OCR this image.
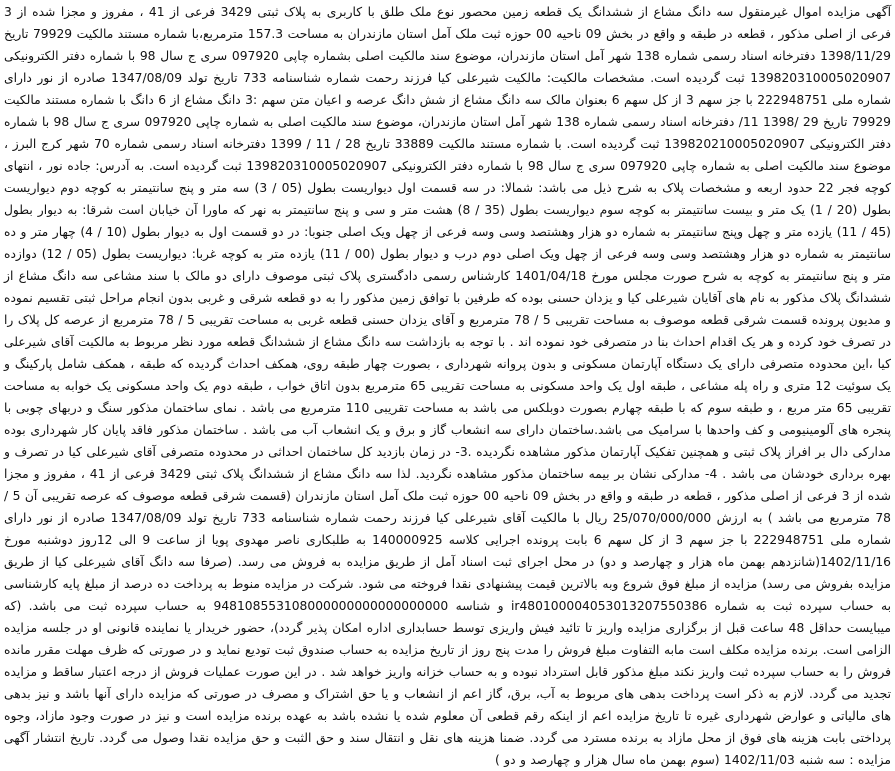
آگهی مزایده اموال غیرمنقول سه دانگ مشاع از ششدانگ یک قطعه زمین محصور نوع ملک طلق با کاربری به پلاک ثبتی 3429 فرعی از 41 ، مفروز و مجزا شده از 3 فرعی از اصلی مذکور ، قطعه در طبقه و واقع در بخش 09 ناحیه 00 حوزه ثبت ملک آمل استان مازندران به مساحت 157.3 مترمربع،با شماره مستند مالکیت 79929 تاریخ 1398/11/29 دفترخانه اسناد رسمی شماره 138 شهر آمل استان مازندران، موضوع سند مالکیت اصلی بشماره چاپی 097920 سری ج سال 98 با شماره دفتر الکترونیکی 139820310005020907 ثبت گردیده است. مشخصات مالکیت: مالکیت شیرعلی کیا فرزند رحمت شماره شناسنامه 733 تاریخ تولد 1347/08/09 صادره از نور دارای شماره ملی 222948751 با جز سهم 3 از کل سهم 6 بعنوان مالک سه دانگ مشاع از شش دانگ عرصه و اعیان متن سهم :3 دانگ مشاع از 6 دانگ با شماره مستند مالکیت 79929 تاریخ 29 /1398 11/ دفترخانه اسناد رسمی شماره 138 شهر آمل استان مازندران، موضوع سند مالکیت اصلی به شماره چاپی 097920 سری ج سال 98 با شماره دفتر الکترونیکی 139820210005020907 ثبت گردیده است. با شماره مستند مالکیت 33889 تاریخ 28 / 11 / 1399 دفترخانه اسناد رسمی شماره 70 شهر کرج البرز ، موضوع سند مالکیت اصلی به شماره چاپی 097920 سری ج سال 98 با شماره دفتر الکترونیکی 139820310005020907 ثبت گردیده است. به آدرس: جاده نور ، انتهای کوچه فجر 22 حدود اربعه و مشخصات پلاک به شرح ذیل می باشد: شمالا: در سه قسمت اول دیواریست بطول (05 / 3) سه متر و پنج سانتیمتر به کوچه دوم دیواریست بطول (20 / 1) یک متر و بیست سانتیمتر به کوچه سوم دیواریست بطول (35 / 8) هشت متر و سی و پنج سانتیمتر به نهر که ماورا آن خیابان است شرقا: به دیوار بطول (45 / 11) یازده متر و چهل وپنج سانتیمتر به شماره دو هزار وهشتصد وسی وسه فرعی از چهل ویک اصلی جنوبا: در دو قسمت اول به دیوار بطول (10 / 4) چهار متر و ده سانتیمتر به شماره دو هزار وهشتصد وسی وسه فرعی از چهل ویک اصلی دوم درب و دیوار بطول (00 / 11) یازده متر به کوچه غربا: دیواریست بطول (05 / 12) دوازده متر و پنج سانتیمتر به کوچه به شرح صورت مجلس مورخ 1401/04/18 کارشناس رسمی دادگستری پلاک ثبتی موصوف دارای دو مالک با سند مشاعی سه دانگ مشاع از ششدانگ پلاک مذکور به نام های آقایان شیرعلی کیا و یزدان حسنی بوده که طرفین با توافق زمین مذکور را به دو قطعه شرقی و غربی بدون انجام مراحل ثبتی تقسیم نموده و مدیون پرونده قسمت شرقی قطعه موصوف به مساحت تقریبی 5 / 78 مترمربع و آقای یزدان حسنی قطعه غربی به مساحت تقریبی 5 / 78 مترمربع از عرصه کل پلاک را در تصرف خود کرده و هر یک اقدام احداث بنا در متصرفی خود نموده اند . با توجه به بازداشت سه دانگ مشاع از ششدانگ قطعه مورد نظر مربوط به مالکیت آقای شیرعلی کیا ،این محدوده متصرفی دارای یک دستگاه آپارتمان مسکونی و بدون پروانه شهرداری ، بصورت چهار طبقه روی، همکف احداث گردیده که طبقه ، همکف شامل پارکینگ و یک سوئیت 12 متری و راه پله مشاعی ، طبقه اول یک واحد مسکونی به مساحت تقریبی 65 مترمربع بدون اتاق خواب ، طبقه دوم یک واحد مسکونی یک خوابه به مساحت تقریبی 65 متر مربع ، و طبقه سوم که با طبقه چهارم بصورت دوبلکس می باشد به مساحت تقریبی 110 مترمربع می باشد . نمای ساختمان مذکور سنگ و دربهای چوبی با پنجره های آلومینیومی و کف واحدها با سرامیک می باشد.ساختمان دارای سه انشعاب گاز و برق و یک انشعاب آب می باشد . ساختمان مذکور فاقد پایان کار شهرداری بوده مدارکی دال بر افراز پلاک ثبتی و همچنین تفکیک آپارتمان مذکور مشاهده نگردیده .3- در زمان بازدید کل ساختمان احداثی در محدوده متصرفی آقای شیرعلی کیا در تصرف و بهره برداری خودشان می باشد . 4- مدارکی نشان بر بیمه ساختمان مذکور مشاهده نگردید. لذا سه دانگ مشاع از ششدانگ پلاک ثبتی 3429 فرعی از 41 ، مفروز و مجزا شده از 3 فرعی از اصلی مذکور ، قطعه در طبقه و واقع در بخش 09 ناحیه 00 حوزه ثبت ملک آمل استان مازندران (قسمت شرقی قطعه موصوف که عرصه تقریبی آن 5 / 78 مترمربع می باشد ) به ارزش 25/070/000/000 ریال با مالکیت آقای شیرعلی کیا فرزند رحمت شماره شناسنامه 733 تاریخ تولد 1347/08/09 صادره از نور دارای شماره ملی 222948751 با جز سهم 3 از کل سهم 6 بابت پرونده اجرایی کلاسه 140000925 به طلبکاری ناصر مهدوی پویا از ساعت 9 الی 12روز دوشنبه مورخ 1402/11/16(شانزدهم بهمن ماه هزار و چهارصد و دو) در محل اجرای ثبت اسناد آمل از طریق مزایده به فروش می رسد. (صرفا سه دانگ آقای شیرعلی کیا از طریق مزایده بفروش می رسد) مزایده از مبلغ فوق شروع وبه بالاترین قیمت پیشنهادی نقدا فروخته می شود. شرکت در مزایده منوط به پرداخت ده درصد از مبلغ پایه کارشناسی به حساب سپرده ثبت به شماره ir480100004053013207550386 و شناسه 948108553108000000000000000000 به حساب سپرده ثبت می باشد. (که میبایست حداقل 48 ساعت قبل از برگزاری مزایده واریز تا تائید فیش واریزی توسط حسابداری اداره امکان پذیر گردد)، حضور خریدار یا نماینده قانونی او در جلسه مزایده الزامی است. برنده مزایده مکلف است مابه التفاوت مبلغ فروش را مدت پنج روز از تاریخ مزایده به حساب صندوق ثبت تودیع نماید و در صورتی که ظرف مهلت مقرر مانده فروش را به حساب سپرده ثبت واریز نکند مبلغ مذکور قابل استرداد نبوده و به حساب خزانه واریز خواهد شد . در این صورت عملیات فروش از درجه اعتبار ساقط و مزایده تجدید می گردد. لازم به ذکر است پرداخت بدهی های مربوط به آب، برق، گاز اعم از انشعاب و یا حق اشتراک و مصرف در صورتی که مزایده دارای آنها باشد و نیز بدهی های مالیاتی و عوارض شهرداری غیره تا تاریخ مزایده اعم از اینکه رقم قطعی آن معلوم شده یا نشده باشد به عهده برنده مزایده است و نیز در صورت وجود مازاد، وجوه پرداختی بابت هزینه های فوق از محل مازاد به برنده مسترد می گردد. ضمنا هزینه های نقل و انتقال سند و حق الثبت و حق مزایده نقدا وصول می گردد. تاریخ انتشار آگهی مزایده : سه شنبه 1402/11/03 (سوم بهمن ماه سال هزار و چهارصد و دو )
